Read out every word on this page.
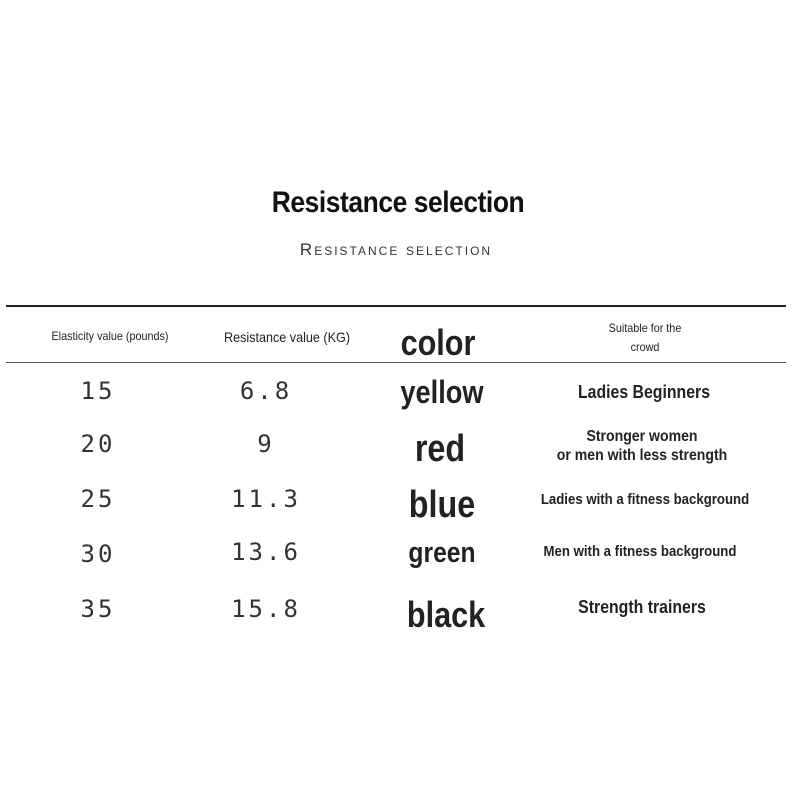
Resistance selection
Resistance selection
Elasticity value (pounds)	Resistance value (KG)	color	Suitable for the
crowd
15	6.8	yellow	Ladies Beginners
20	9	red	Stronger women
or men with less strength
25	11.3	blue	Ladies with a fitness background
30	13.6	green	Men with a fitness background
35	15.8	black	Strength trainers
